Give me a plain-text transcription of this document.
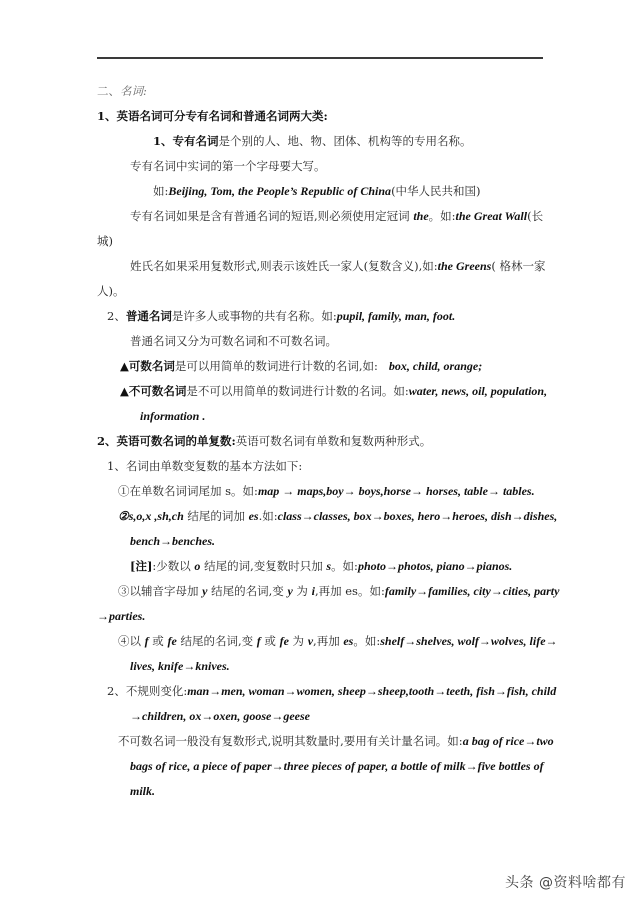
二、名词:
1、英语名词可分专有名词和普通名词两大类:
1、专有名词是个别的人、地、物、团体、机构等的专用名称。
专有名词中实词的第一个字母要大写。
如:Beijing, Tom, the People’s Republic of China(中华人民共和国)
专有名词如果是含有普通名词的短语,则必须使用定冠词 the。如:the Great Wall(长
城)
姓氏名如果采用复数形式,则表示该姓氏一家人(复数含义),如:the Greens( 格林一家
人)。
2、普通名词是许多人或事物的共有名称。如:pupil, family, man, foot.
普通名词又分为可数名词和不可数名词。
▲可数名词是可以用简单的数词进行计数的名词,如: box, child, orange;
▲不可数名词是不可以用简单的数词进行计数的名词。如:water, news, oil, population,
information .
2、英语可数名词的单复数:英语可数名词有单数和复数两种形式。
1、名词由单数变复数的基本方法如下:
①在单数名词词尾加 s。如:map → maps,boy→ boys,horse→ horses, table→ tables.
②s,o,x ,sh,ch 结尾的词加 es.如:class→classes, box→boxes, hero→heroes, dish→dishes,
bench→benches.
[注]:少数以 o 结尾的词,变复数时只加 s。如:photo→photos, piano→pianos.
③以辅音字母加 y 结尾的名词,变 y 为 i,再加 es。如:family→families, city→cities, party
→parties.
④以 f 或 fe 结尾的名词,变 f 或 fe 为 v,再加 es。如:shelf→shelves, wolf→wolves, life→
lives, knife→knives.
2、不规则变化:man→men, woman→women, sheep→sheep,tooth→teeth, fish→fish, child
→children, ox→oxen, goose→geese
不可数名词一般没有复数形式,说明其数量时,要用有关计量名词。如:a bag of rice→two
bags of rice, a piece of paper→three pieces of paper, a bottle of milk→five bottles of
milk.
头条 @资料啥都有
